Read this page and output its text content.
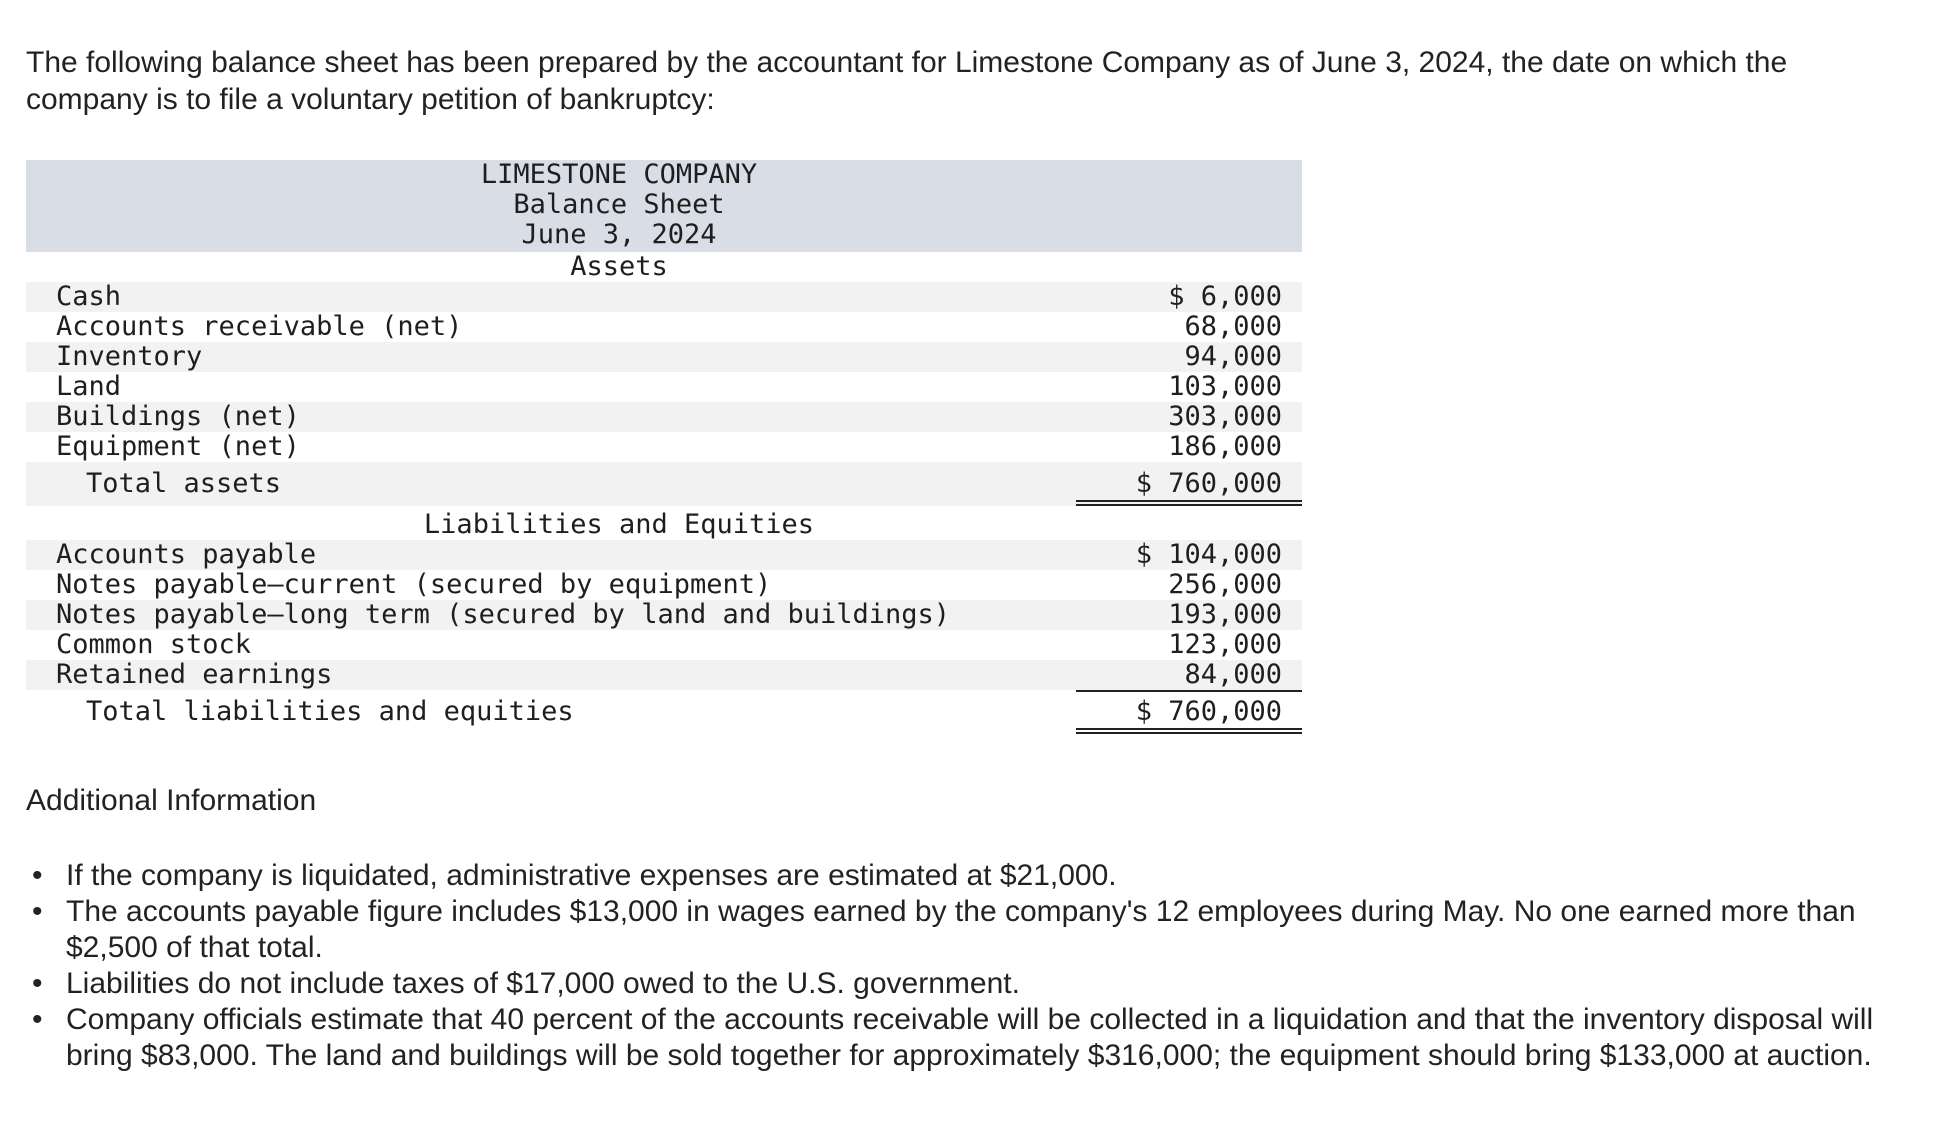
The following balance sheet has been prepared by the accountant for Limestone Company as of June 3, 2024, the date on which the company is to file a voluntary petition of bankruptcy:

LIMESTONE COMPANY
Balance Sheet
June 3, 2024
Assets
Cash	$ 6,000
Accounts receivable (net)	68,000
Inventory	94,000
Land	103,000
Buildings (net)	303,000
Equipment (net)	186,000
Total assets	$ 760,000
Liabilities and Equities
Accounts payable	$ 104,000
Notes payable—current (secured by equipment)	256,000
Notes payable—long term (secured by land and buildings)	193,000
Common stock	123,000
Retained earnings	84,000
Total liabilities and equities	$ 760,000
Additional Information
• If the company is liquidated, administrative expenses are estimated at $21,000.
• The accounts payable figure includes $13,000 in wages earned by the company's 12 employees during May. No one earned more than $2,500 of that total.
• Liabilities do not include taxes of $17,000 owed to the U.S. government.
• Company officials estimate that 40 percent of the accounts receivable will be collected in a liquidation and that the inventory disposal will bring $83,000. The land and buildings will be sold together for approximately $316,000; the equipment should bring $133,000 at auction.
